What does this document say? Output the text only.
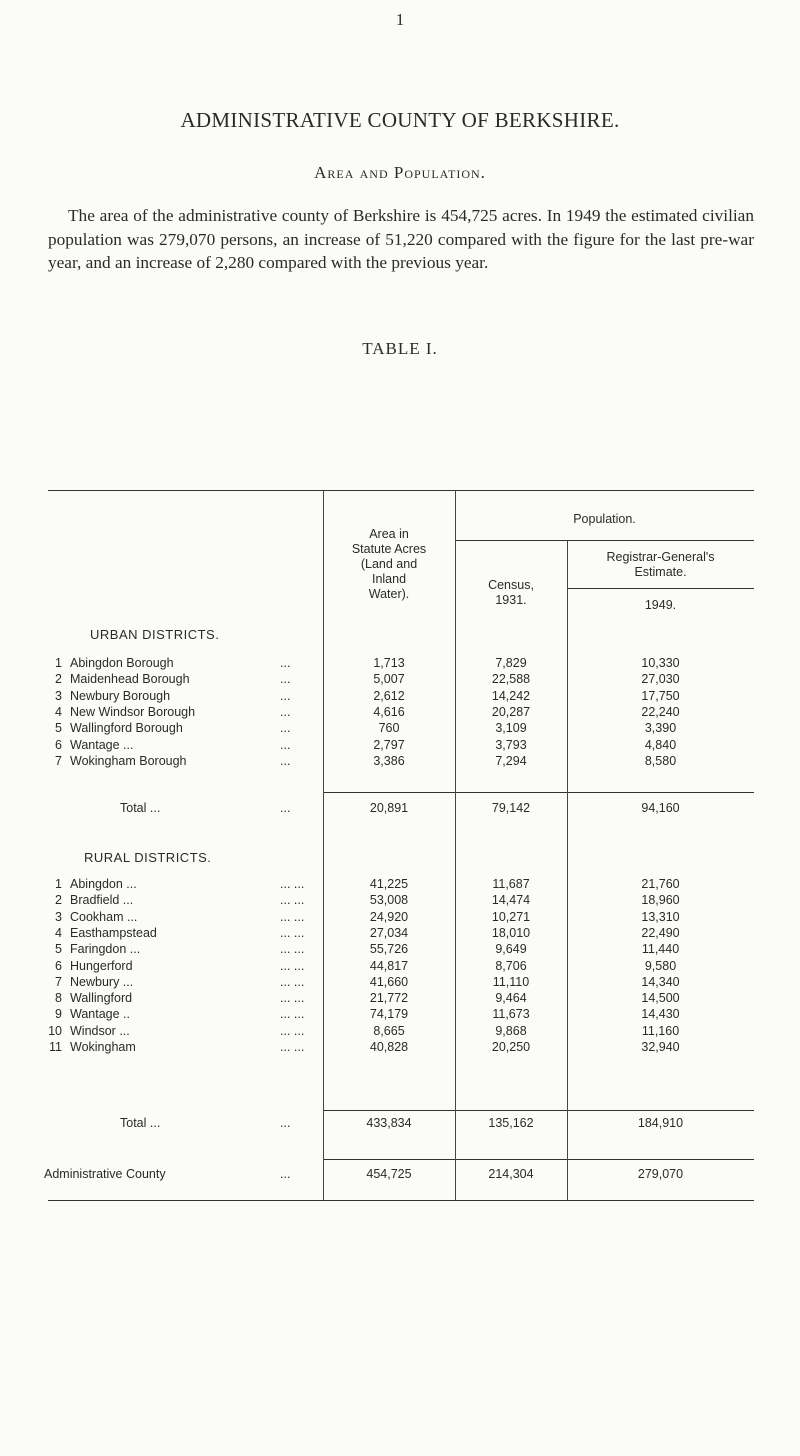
1
ADMINISTRATIVE COUNTY OF BERKSHIRE.
Area and Population.
The area of the administrative county of Berkshire is 454,725 acres. In 1949 the estimated civilian population was 279,070 persons, an increase of 51,220 compared with the figure for the last pre-war year, and an increase of 2,280 compared with the previous year.
TABLE I.
Area in
Statute Acres
(Land and
Inland
Water).
Population.
Census,
1931.
Registrar-General's
Estimate.
1949.
URBAN DISTRICTS.
1 Abingdon Borough	...	1,713	7,829	10,330
2 Maidenhead Borough	...	5,007	22,588	27,030
3 Newbury Borough	...	2,612	14,242	17,750
4 New Windsor Borough	...	4,616	20,287	22,240
5 Wallingford Borough	...	760	3,109	3,390
6 Wantage ...	...	2,797	3,793	4,840
7 Wokingham Borough	...	3,386	7,294	8,580
Total ...	...	20,891	79,142	94,160
RURAL DISTRICTS.
1 Abingdon ...	... ...	41,225	11,687	21,760
2 Bradfield ...	... ...	53,008	14,474	18,960
3 Cookham ...	... ...	24,920	10,271	13,310
4 Easthampstead	... ...	27,034	18,010	22,490
5 Faringdon ...	... ...	55,726	9,649	11,440
6 Hungerford	... ...	44,817	8,706	9,580
7 Newbury ...	... ...	41,660	11,110	14,340
8 Wallingford	... ...	21,772	9,464	14,500
9 Wantage ..	... ...	74,179	11,673	14,430
10 Windsor ...	... ...	8,665	9,868	11,160
11 Wokingham	... ...	40,828	20,250	32,940
Total ...	...	433,834	135,162	184,910
Administrative County	...	454,725	214,304	279,070
